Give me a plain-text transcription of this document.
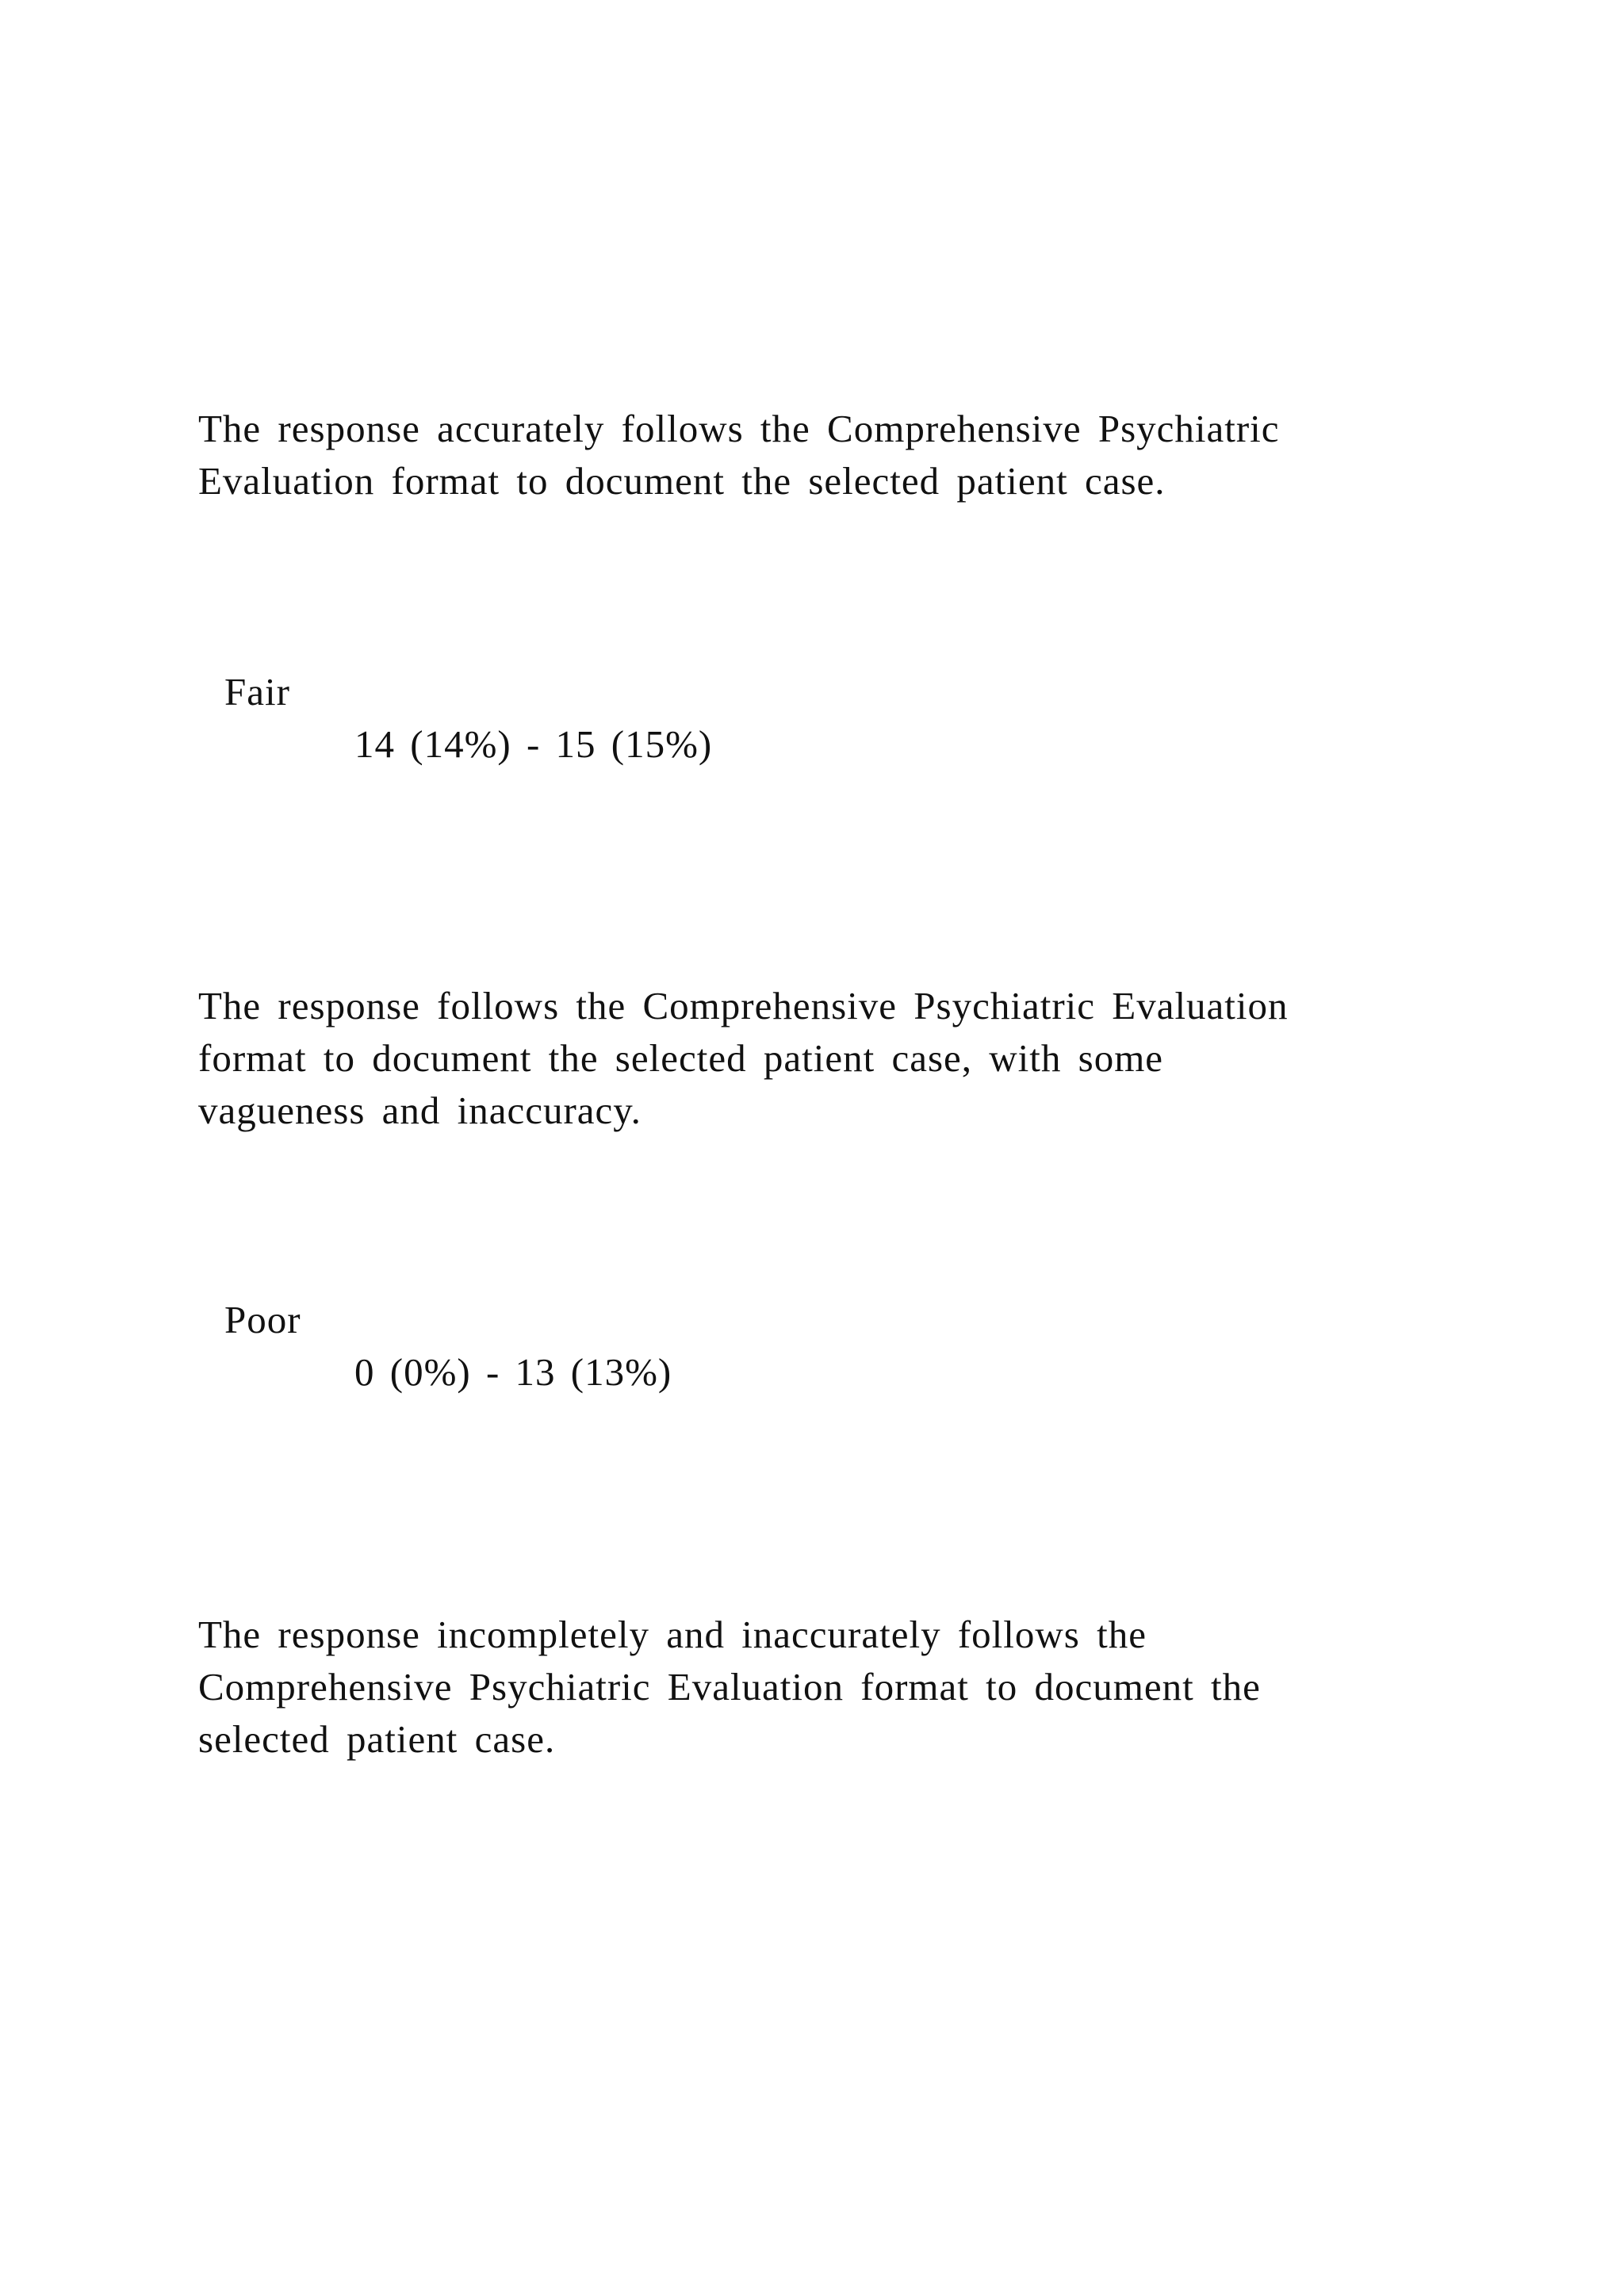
The response accurately follows the Comprehensive Psychiatric
Evaluation format to document the selected patient case.

Fair

14 (14%) - 15 (15%)

The response follows the Comprehensive Psychiatric Evaluation
format to document the selected patient case, with some
vagueness and inaccuracy.

Poor

0 (0%) - 13 (13%)

The response incompletely and inaccurately follows the
Comprehensive Psychiatric Evaluation format to document the
selected patient case.
